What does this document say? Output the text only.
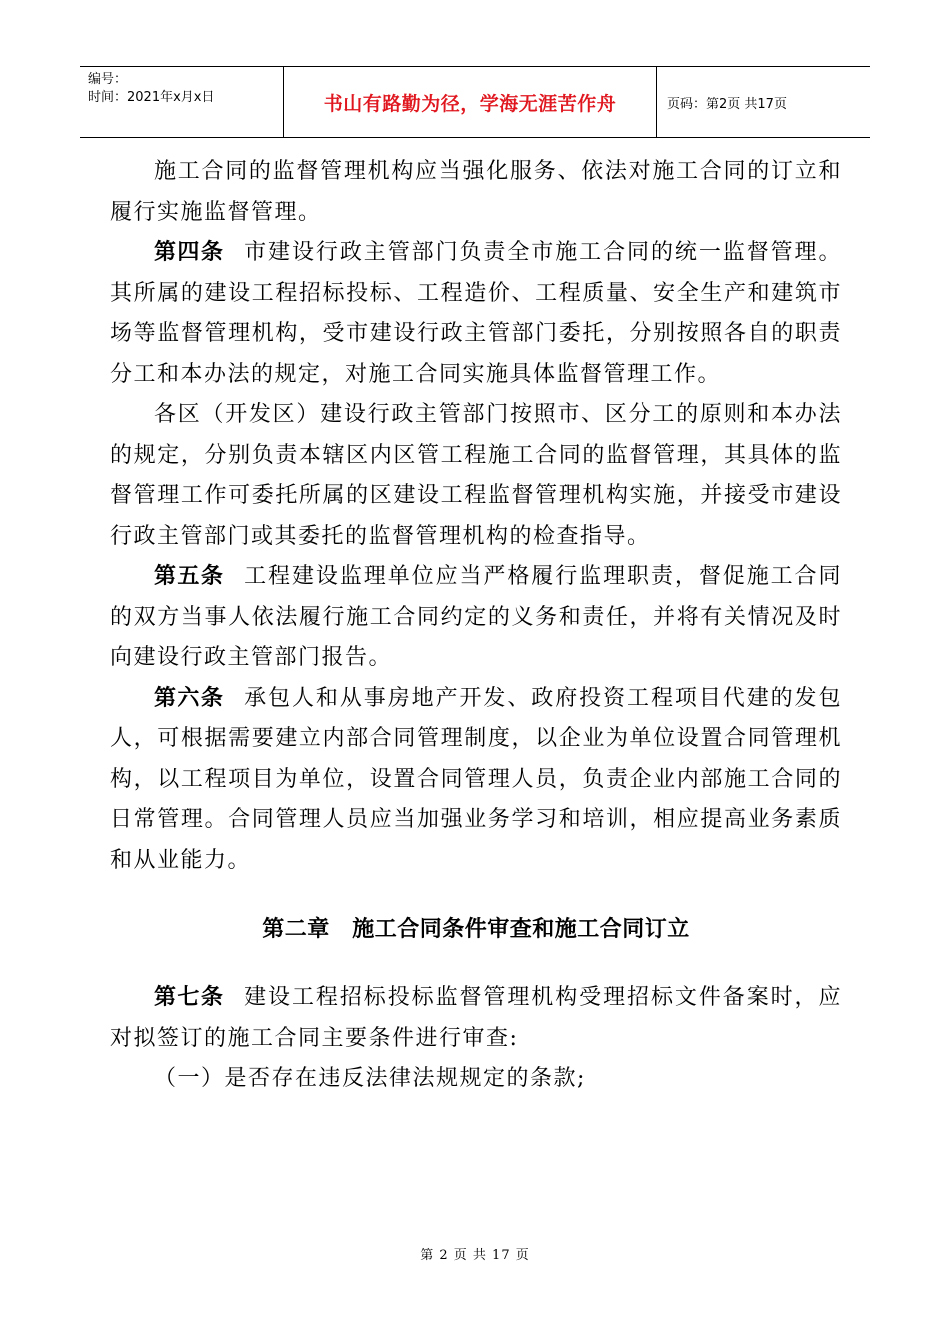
编号：
时间：2021年x月x日	书山有路勤为径，学海无涯苦作舟	页码：第2页 共17页

施工合同的监督管理机构应当强化服务、依法对施工合同的订立和履行实施监督管理。

第四条 市建设行政主管部门负责全市施工合同的统一监督管理。其所属的建设工程招标投标、工程造价、工程质量、安全生产和建筑市场等监督管理机构，受市建设行政主管部门委托，分别按照各自的职责分工和本办法的规定，对施工合同实施具体监督管理工作。

各区（开发区）建设行政主管部门按照市、区分工的原则和本办法的规定，分别负责本辖区内区管工程施工合同的监督管理，其具体的监督管理工作可委托所属的区建设工程监督管理机构实施，并接受市建设行政主管部门或其委托的监督管理机构的检查指导。

第五条 工程建设监理单位应当严格履行监理职责，督促施工合同的双方当事人依法履行施工合同约定的义务和责任，并将有关情况及时向建设行政主管部门报告。

第六条 承包人和从事房地产开发、政府投资工程项目代建的发包人，可根据需要建立内部合同管理制度，以企业为单位设置合同管理机构，以工程项目为单位，设置合同管理人员，负责企业内部施工合同的日常管理。合同管理人员应当加强业务学习和培训，相应提高业务素质和从业能力。

第二章　施工合同条件审查和施工合同订立

第七条 建设工程招标投标监督管理机构受理招标文件备案时，应对拟签订的施工合同主要条件进行审查:

（一）是否存在违反法律法规规定的条款;

第 2 页 共 17 页
